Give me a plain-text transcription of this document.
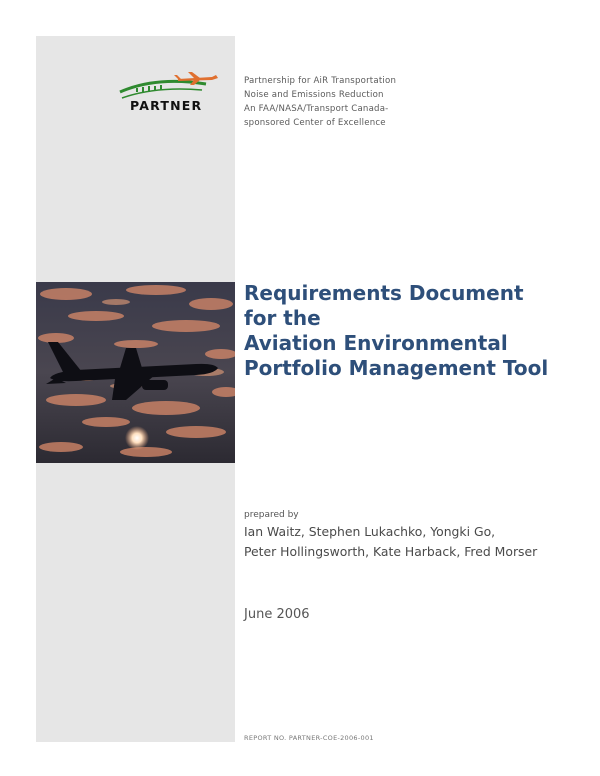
PARTNER
Partnership for AiR Transportation
Noise and Emissions Reduction
An FAA/NASA/Transport Canada-
sponsored Center of Excellence
Requirements Document
for the
Aviation Environmental
Portfolio Management Tool
prepared by
Ian Waitz, Stephen Lukachko, Yongki Go,
Peter Hollingsworth, Kate Harback, Fred Morser
June 2006
REPORT NO. PARTNER-COE-2006-001
